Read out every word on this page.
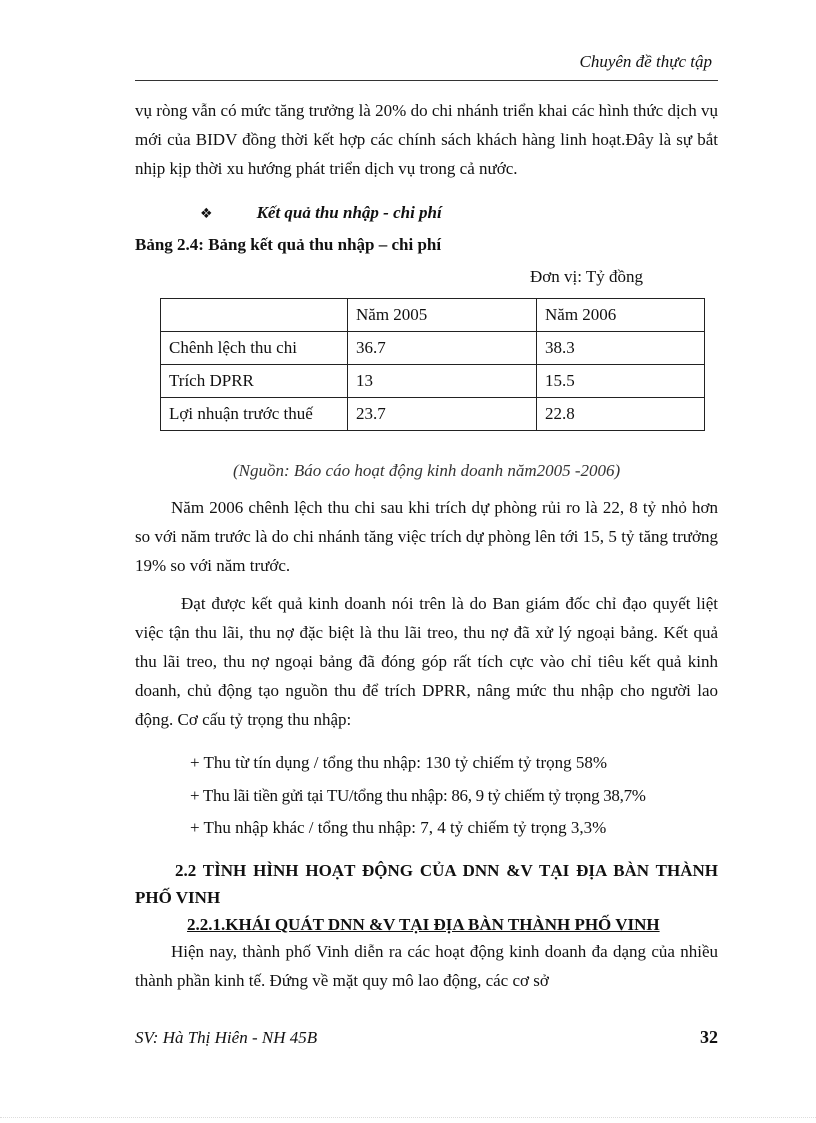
Chuyên đề thực tập
vụ ròng vẫn có mức tăng trưởng là 20% do chi nhánh triển khai các hình thức dịch vụ mới của BIDV đồng thời kết hợp các chính sách khách hàng linh hoạt.Đây là sự bắt nhịp kịp thời xu hướng phát triển dịch vụ trong cả nước.
❖	Kết quả thu nhập - chi phí
Bảng 2.4: Bảng kết quả thu nhập – chi phí
Đơn vị: Tỷ đồng
	Năm 2005	Năm 2006
Chênh lệch thu chi	36.7	38.3
Trích DPRR	13	15.5
Lợi nhuận trước thuế	23.7	22.8
(Nguồn: Báo cáo hoạt động kinh doanh năm2005 -2006)
Năm 2006 chênh lệch thu chi sau khi trích dự phòng rủi ro là 22, 8 tỷ nhỏ hơn so với năm trước là do chi nhánh tăng việc trích dự phòng lên tới 15, 5 tỷ tăng trưởng 19% so với năm trước.
Đạt được kết quả kinh doanh nói trên là do Ban giám đốc chỉ đạo quyết liệt việc tận thu lãi, thu nợ đặc biệt là thu lãi treo, thu nợ đã xử lý ngoại bảng. Kết quả thu lãi treo, thu nợ ngoại bảng đã đóng góp rất tích cực vào chỉ tiêu kết quả kinh doanh, chủ động tạo nguồn thu để trích DPRR, nâng mức thu nhập cho người lao động. Cơ cấu tỷ trọng thu nhập:
+ Thu từ tín dụng / tổng thu nhập: 130 tỷ chiếm tỷ trọng 58%
+ Thu lãi tiền gửi tại TU/tổng thu nhập: 86, 9 tỷ chiếm tỷ trọng 38,7%
+ Thu nhập khác / tổng thu nhập: 7, 4 tỷ chiếm tỷ trọng 3,3%
2.2 TÌNH HÌNH HOẠT ĐỘNG CỦA DNN &V TẠI ĐỊA BÀN THÀNH PHỐ VINH
2.2.1.KHÁI QUÁT DNN &V TẠI ĐỊA BÀN THÀNH PHỐ VINH
Hiện nay, thành phố Vinh diễn ra các hoạt động kinh doanh đa dạng của nhiều thành phần kinh tế. Đứng về mặt quy mô lao động, các cơ sở
SV: Hà Thị Hiên - NH 45B	32
